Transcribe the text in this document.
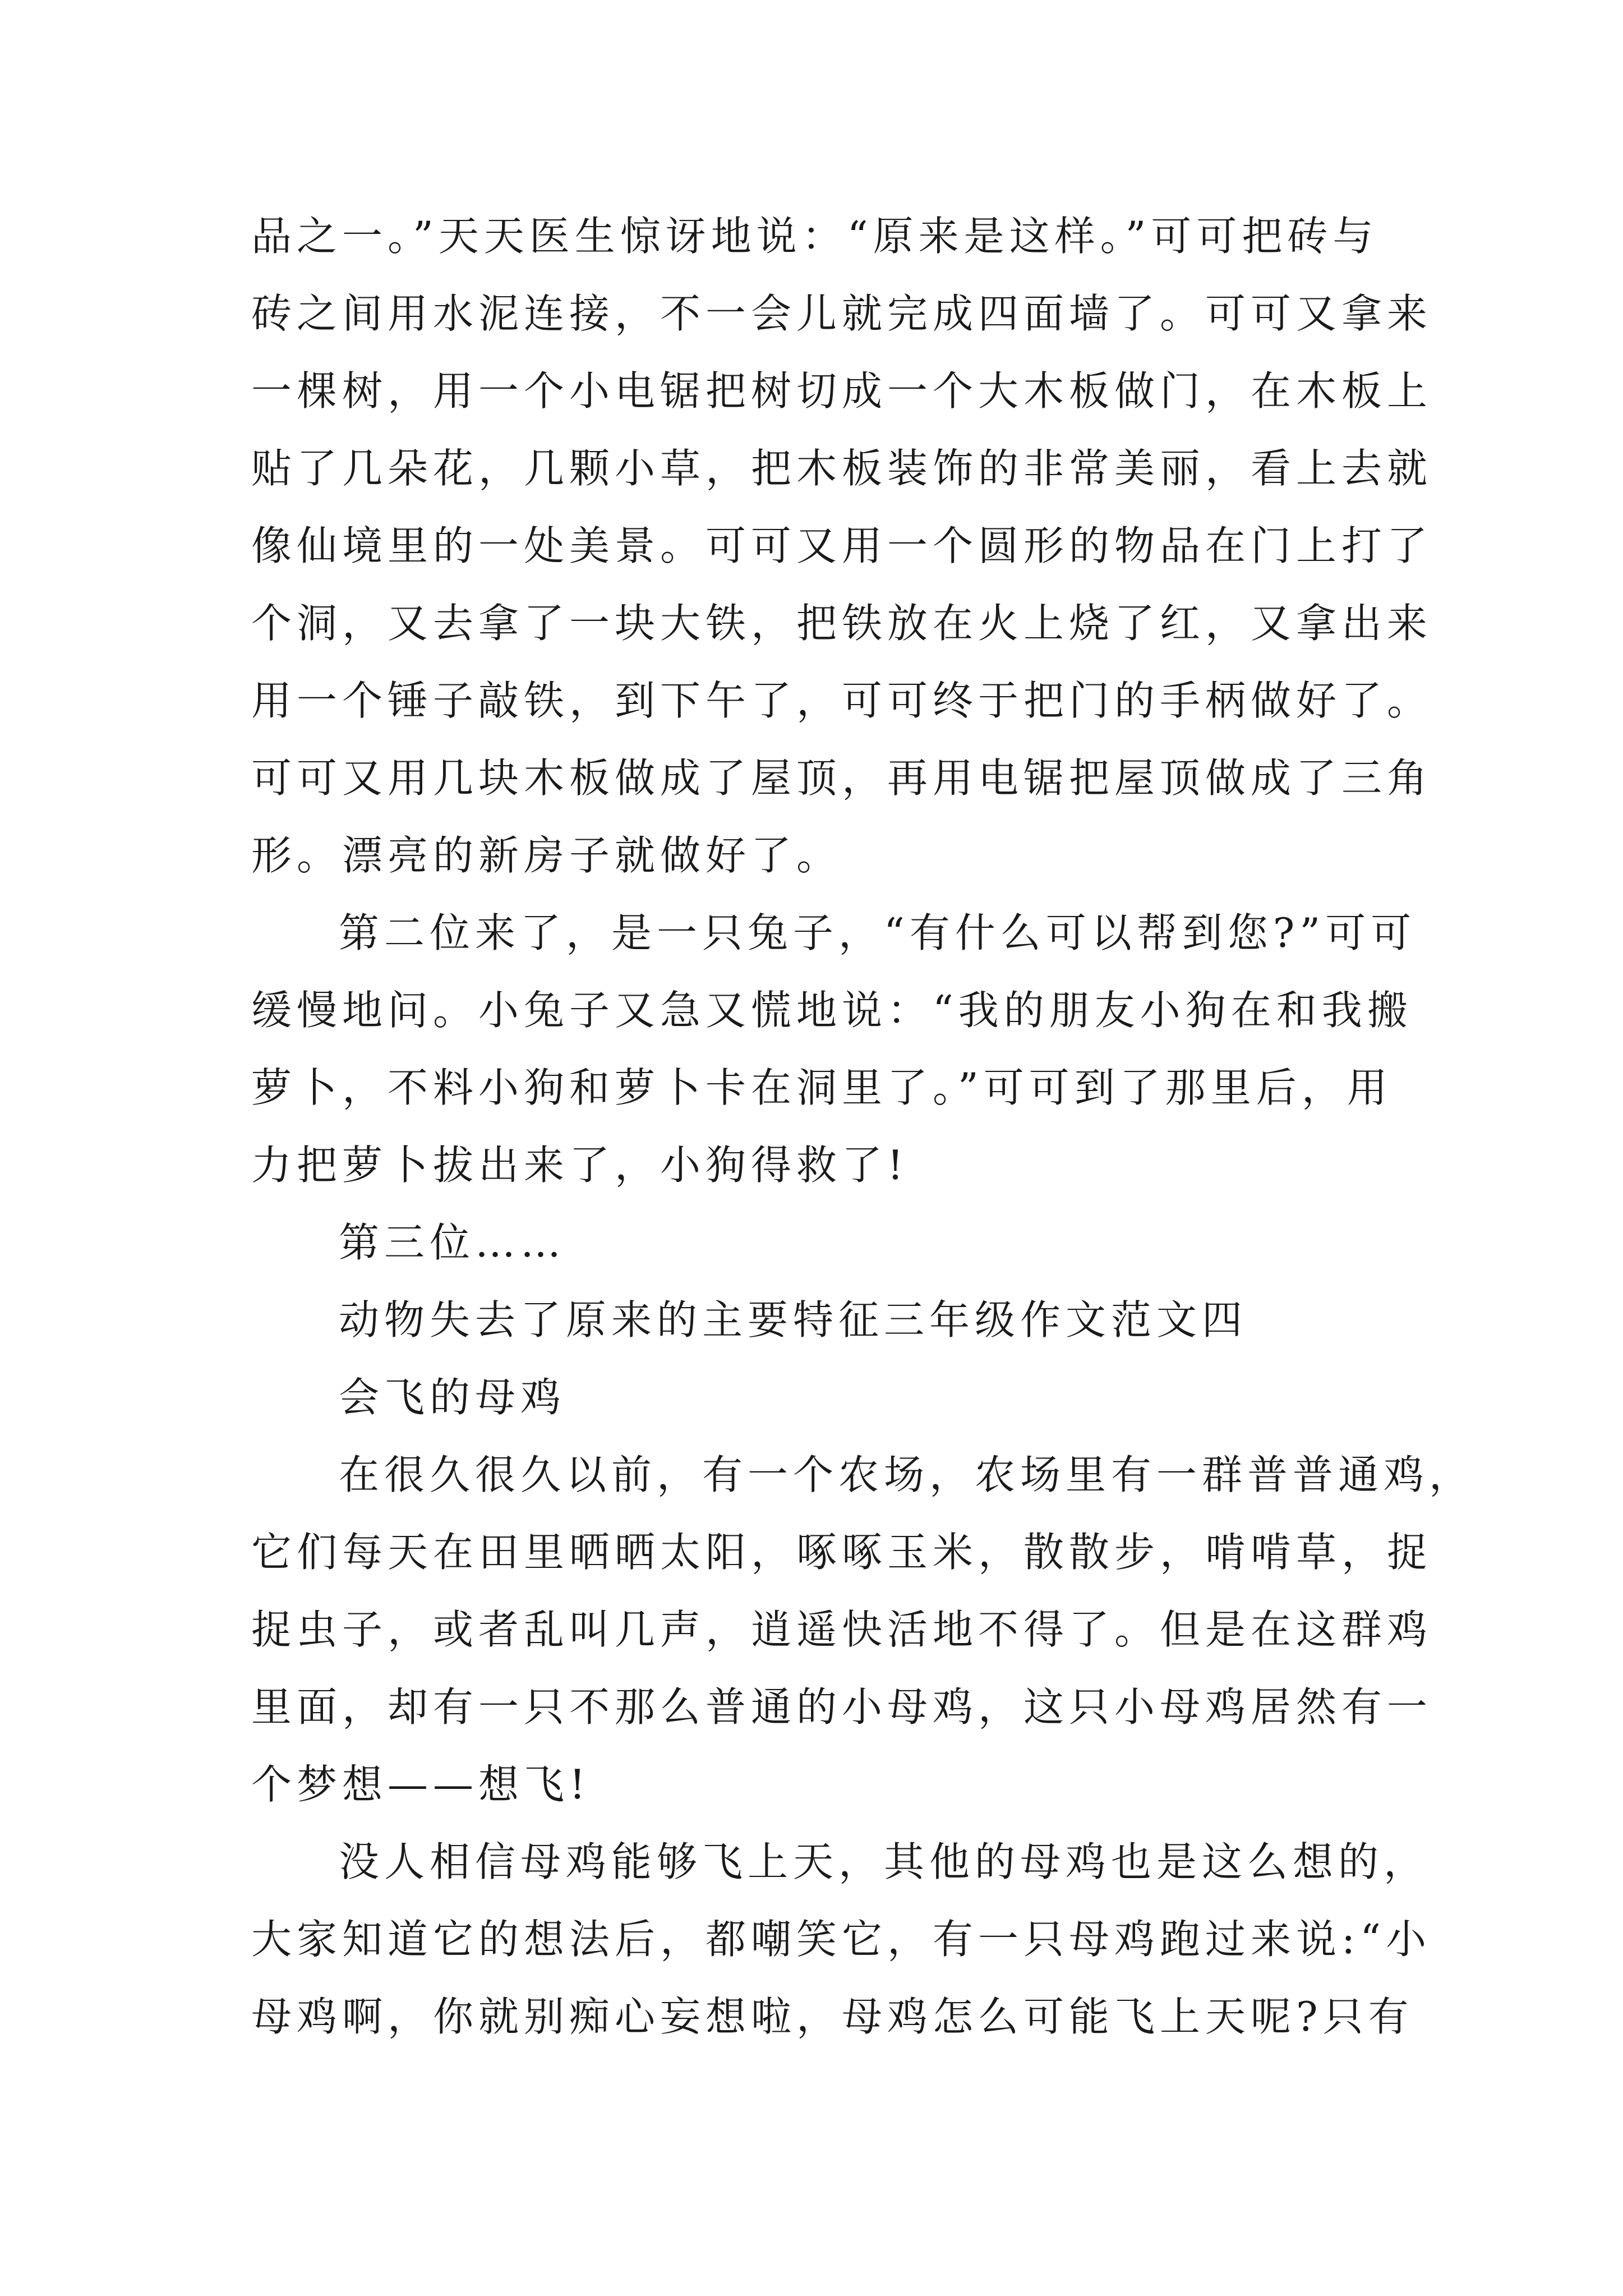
品之一。”天天医生惊讶地说：“原来是这样。”可可把砖与
砖之间用水泥连接，不一会儿就完成四面墙了。可可又拿来
一棵树，用一个小电锯把树切成一个大木板做门，在木板上
贴了几朵花，几颗小草，把木板装饰的非常美丽，看上去就
像仙境里的一处美景。可可又用一个圆形的物品在门上打了
个洞，又去拿了一块大铁，把铁放在火上烧了红，又拿出来
用一个锤子敲铁，到下午了，可可终于把门的手柄做好了。
可可又用几块木板做成了屋顶，再用电锯把屋顶做成了三角
形。漂亮的新房子就做好了。
第二位来了，是一只兔子，“有什么可以帮到您?”可可
缓慢地问。小兔子又急又慌地说：“我的朋友小狗在和我搬
萝卜，不料小狗和萝卜卡在洞里了。”可可到了那里后，用
力把萝卜拔出来了，小狗得救了!
第三位……
动物失去了原来的主要特征三年级作文范文四
会飞的母鸡
在很久很久以前，有一个农场，农场里有一群普普通鸡，
它们每天在田里晒晒太阳，啄啄玉米，散散步，啃啃草，捉
捉虫子，或者乱叫几声，逍遥快活地不得了。但是在这群鸡
里面，却有一只不那么普通的小母鸡，这只小母鸡居然有一
个梦想——想飞!
没人相信母鸡能够飞上天，其他的母鸡也是这么想的，
大家知道它的想法后，都嘲笑它，有一只母鸡跑过来说:“小
母鸡啊，你就别痴心妄想啦，母鸡怎么可能飞上天呢?只有
